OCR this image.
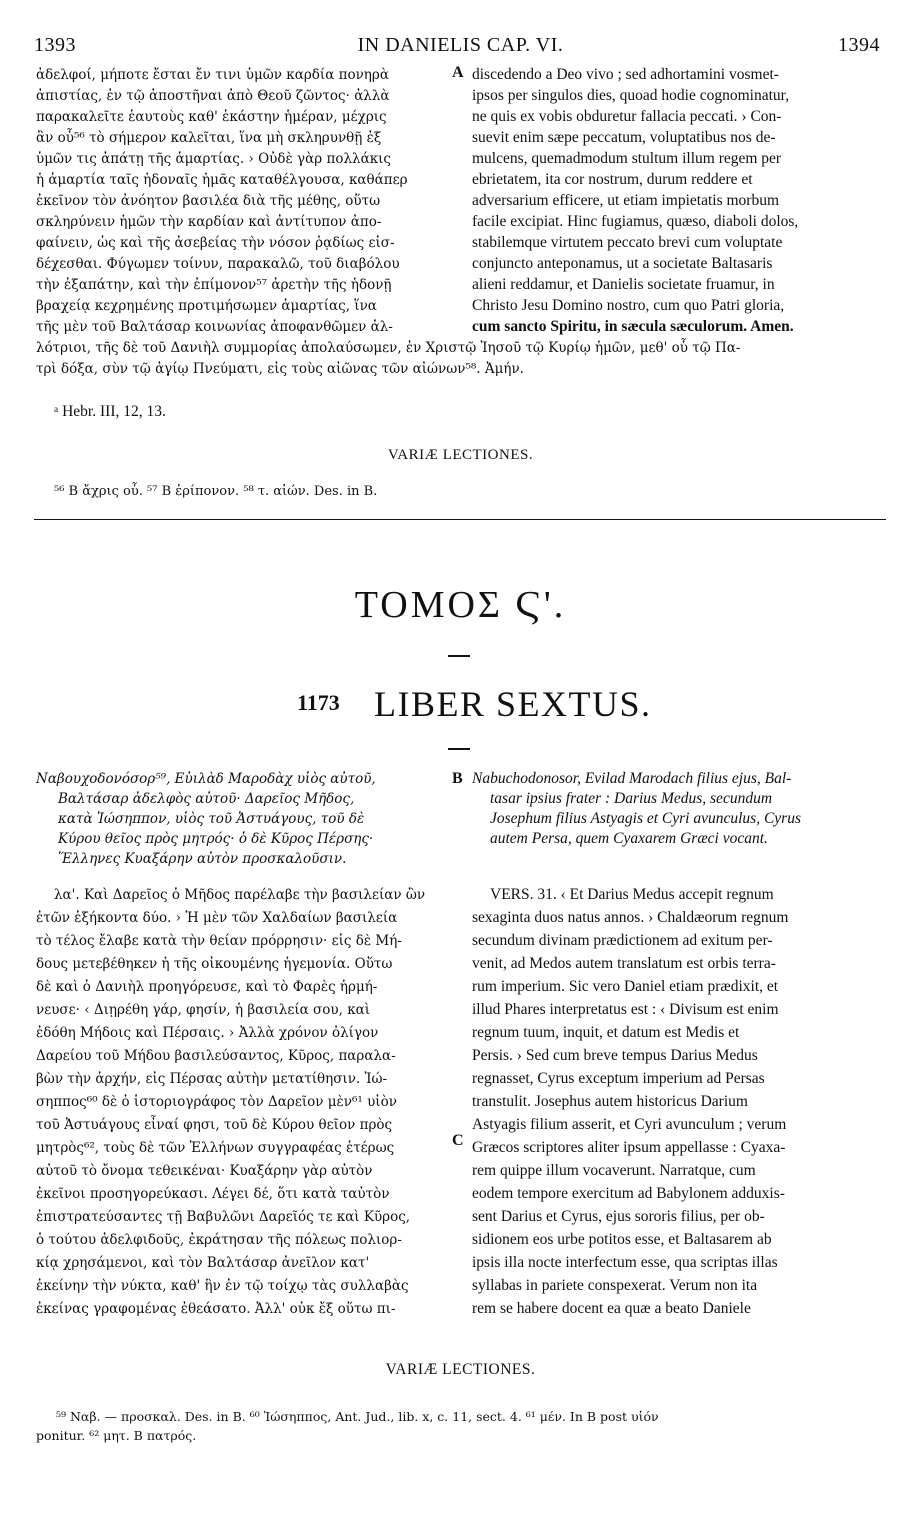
1393	IN DANIELIS CAP. VI.	1394
ἀδελφοί, μήποτε ἔσται ἔν τινι ὑμῶν καρδία πονηρὰ
ἀπιστίας, ἐν τῷ ἀποστῆναι ἀπὸ Θεοῦ ζῶντος· ἀλλὰ
παρακαλεῖτε ἑαυτοὺς καθ' ἑκάστην ἡμέραν, μέχρις
ἂν οὗ⁵⁶ τὸ σήμερον καλεῖται, ἵνα μὴ σκληρυνθῇ ἐξ
ὑμῶν τις ἀπάτῃ τῆς ἁμαρτίας. › Οὐδὲ γὰρ πολλάκις
ἡ ἁμαρτία ταῖς ἡδοναῖς ἡμᾶς καταθέλγουσα, καθάπερ
ἐκεῖνον τὸν ἀνόητον βασιλέα διὰ τῆς μέθης, οὕτω
σκληρύνειν ἡμῶν τὴν καρδίαν καὶ ἀντίτυπον ἀπο-
φαίνειν, ὡς καὶ τῆς ἀσεβείας τὴν νόσον ῥᾳδίως εἰσ-
δέχεσθαι. Φύγωμεν τοίνυν, παρακαλῶ, τοῦ διαβόλου
τὴν ἐξαπάτην, καὶ τὴν ἐπίμονον⁵⁷ ἀρετὴν τῆς ἡδονῇ
βραχείᾳ κεχρημένης προτιμήσωμεν ἁμαρτίας, ἵνα
τῆς μὲν τοῦ Βαλτάσαρ κοινωνίας ἀποφανθῶμεν ἀλ-
A discedendo a Deo vivo ; sed adhortamini vosmet-
ipsos per singulos dies, quoad hodie cognominatur,
ne quis ex vobis obduretur fallacia peccati. › Con-
suevit enim sæpe peccatum, voluptatibus nos de-
mulcens, quemadmodum stultum illum regem per
ebrietatem, ita cor nostrum, durum reddere et
adversarium efficere, ut etiam impietatis morbum
facile excipiat. Hinc fugiamus, quæso, diaboli dolos,
stabilemque virtutem peccato brevi cum voluptate
conjuncto anteponamus, ut a societate Baltasaris
alieni reddamur, et Danielis societate fruamur, in
Christo Jesu Domino nostro, cum quo Patri gloria,
cum sancto Spiritu, in sæcula sæculorum. Amen.
λότριοι, τῆς δὲ τοῦ Δανιὴλ συμμορίας ἀπολαύσωμεν, ἐν Χριστῷ Ἰησοῦ τῷ Κυρίῳ ἡμῶν, μεθ' οὗ τῷ Πα-
τρὶ δόξα, σὺν τῷ ἁγίῳ Πνεύματι, εἰς τοὺς αἰῶνας τῶν αἰώνων⁵⁸. Ἀμήν.
ᵃ Hebr. III, 12, 13.
VARIÆ LECTIONES.
⁵⁶ B ἄχρις οὗ. ⁵⁷ B ἐρίπονον. ⁵⁸ τ. αἰών. Des. in B.
ΤΟΜΟΣ Ϛ'.
1173 LIBER SEXTUS.
Ναβουχοδονόσορ⁵⁹, Εὐιλὰδ Μαροδὰχ υἱὸς αὐτοῦ,
Βαλτάσαρ ἀδελφὸς αὐτοῦ· Δαρεῖος Μῆδος,
κατὰ Ἰώσηππον, υἱὸς τοῦ Ἀστυάγους, τοῦ δὲ
Κύρου θεῖος πρὸς μητρός· ὁ δὲ Κῦρος Πέρσης·
Ἕλληνες Κυαξάρην αὐτὸν προσκαλοῦσιν.
B Nabuchodonosor, Evilad Marodach filius ejus, Bal-
tasar ipsius frater : Darius Medus, secundum
Josephum filius Astyagis et Cyri avunculus, Cyrus
autem Persa, quem Cyaxarem Græci vocant.
λα'. Καὶ Δαρεῖος ὁ Μῆδος παρέλαβε τὴν βασιλείαν ὢν
ἐτῶν ἑξήκοντα δύο. › Ἡ μὲν τῶν Χαλδαίων βασιλεία
τὸ τέλος ἔλαβε κατὰ τὴν θείαν πρόρρησιν· εἰς δὲ Μή-
δους μετεβέθηκεν ἡ τῆς οἰκουμένης ἡγεμονία. Οὕτω
δὲ καὶ ὁ Δανιὴλ προηγόρευσε, καὶ τὸ Φαρὲς ἡρμή-
νευσε· ‹ Διῃρέθη γάρ, φησίν, ἡ βασιλεία σου, καὶ
ἐδόθη Μήδοις καὶ Πέρσαις. › Ἀλλὰ χρόνον ὀλίγον
Δαρείου τοῦ Μήδου βασιλεύσαντος, Κῦρος, παραλα-
βὼν τὴν ἀρχήν, εἰς Πέρσας αὐτὴν μετατίθησιν. Ἰώ-
σηππος⁶⁰ δὲ ὁ ἱστοριογράφος τὸν Δαρεῖον μὲν⁶¹ υἱὸν
τοῦ Ἀστυάγους εἶναί φησι, τοῦ δὲ Κύρου θεῖον πρὸς
μητρὸς⁶², τοὺς δὲ τῶν Ἑλλήνων συγγραφέας ἑτέρως
αὐτοῦ τὸ ὄνομα τεθεικέναι· Κυαξάρην γὰρ αὐτὸν
ἐκεῖνοι προσηγορεύκασι. Λέγει δέ, ὅτι κατὰ ταὐτὸν
ἐπιστρατεύσαντες τῇ Βαβυλῶνι Δαρεῖός τε καὶ Κῦρος,
ὁ τούτου ἀδελφιδοῦς, ἐκράτησαν τῆς πόλεως πολιορ-
κίᾳ χρησάμενοι, καὶ τὸν Βαλτάσαρ ἀνεῖλον κατ'
ἐκείνην τὴν νύκτα, καθ' ἣν ἐν τῷ τοίχῳ τὰς συλλαβὰς
ἐκείνας γραφομένας ἐθεάσατο. Ἀλλ' οὐκ ἔξ οὕτω πι-
C
VERS. 31. ‹ Et Darius Medus accepit regnum
sexaginta duos natus annos. › Chaldæorum regnum
secundum divinam prædictionem ad exitum per-
venit, ad Medos autem translatum est orbis terra-
rum imperium. Sic vero Daniel etiam prædixit, et
illud Phares interpretatus est : ‹ Divisum est enim
regnum tuum, inquit, et datum est Medis et
Persis. › Sed cum breve tempus Darius Medus
regnasset, Cyrus exceptum imperium ad Persas
transtulit. Josephus autem historicus Darium
Astyagis filium asserit, et Cyri avunculum ; verum
Græcos scriptores aliter ipsum appellasse : Cyaxa-
rem quippe illum vocaverunt. Narratque, cum
eodem tempore exercitum ad Babylonem adduxis-
sent Darius et Cyrus, ejus sororis filius, per ob-
sidionem eos urbe potitos esse, et Baltasarem ab
ipsis illa nocte interfectum esse, qua scriptas illas
syllabas in pariete conspexerat. Verum non ita
rem se habere docent ea quæ a beato Daniele
VARIÆ LECTIONES.
⁵⁹ Ναβ. — προσκαλ. Des. in B. ⁶⁰ Ἰώσηππος, Ant. Jud., lib. x, c. 11, sect. 4. ⁶¹ μέν. In B post υἱόν
ponitur. ⁶² μητ. B πατρός.
